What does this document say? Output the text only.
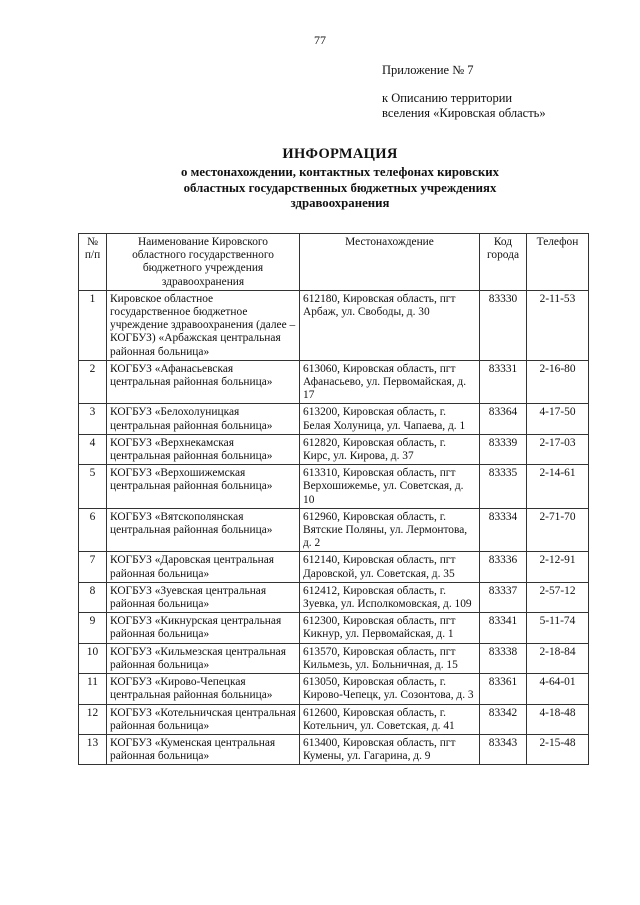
77
Приложение № 7
к Описанию территории
вселения «Кировская область»
ИНФОРМАЦИЯ
о местонахождении, контактных телефонах кировских
областных государственных бюджетных учреждениях
здравоохранения
№ п/п	Наименование Кировского областного государственного бюджетного учреждения здравоохранения	Местонахождение	Код города	Телефон
1	Кировское областное государственное бюджетное учреждение здравоохранения (далее – КОГБУЗ) «Арбажская центральная районная больница»	612180, Кировская область, пгт Арбаж, ул. Свободы, д. 30	83330	2-11-53
2	КОГБУЗ «Афанасьевская центральная районная больница»	613060, Кировская область, пгт Афанасьево, ул. Первомайская, д. 17	83331	2-16-80
3	КОГБУЗ «Белохолуницкая центральная районная больница»	613200, Кировская область, г. Белая Холуница, ул. Чапаева, д. 1	83364	4-17-50
4	КОГБУЗ «Верхнекамская центральная районная больница»	612820, Кировская область, г. Кирс, ул. Кирова, д. 37	83339	2-17-03
5	КОГБУЗ «Верхошижемская центральная районная больница»	613310, Кировская область, пгт Верхошижемье, ул. Советская, д. 10	83335	2-14-61
6	КОГБУЗ «Вятскополянская центральная районная больница»	612960, Кировская область, г. Вятские Поляны, ул. Лермонтова, д. 2	83334	2-71-70
7	КОГБУЗ «Даровская центральная районная больница»	612140, Кировская область, пгт Даровской, ул. Советская, д. 35	83336	2-12-91
8	КОГБУЗ «Зуевская центральная районная больница»	612412, Кировская область, г. Зуевка, ул. Исполкомовская, д. 109	83337	2-57-12
9	КОГБУЗ «Кикнурская центральная районная больница»	612300, Кировская область, пгт Кикнур, ул. Первомайская, д. 1	83341	5-11-74
10	КОГБУЗ «Кильмезская центральная районная больница»	613570, Кировская область, пгт Кильмезь, ул. Больничная, д. 15	83338	2-18-84
11	КОГБУЗ «Кирово-Чепецкая центральная районная больница»	613050, Кировская область, г. Кирово-Чепецк, ул. Созонтова, д. 3	83361	4-64-01
12	КОГБУЗ «Котельничская центральная районная больница»	612600, Кировская область, г. Котельнич, ул. Советская, д. 41	83342	4-18-48
13	КОГБУЗ «Куменская центральная районная больница»	613400, Кировская область, пгт Кумены, ул. Гагарина, д. 9	83343	2-15-48
